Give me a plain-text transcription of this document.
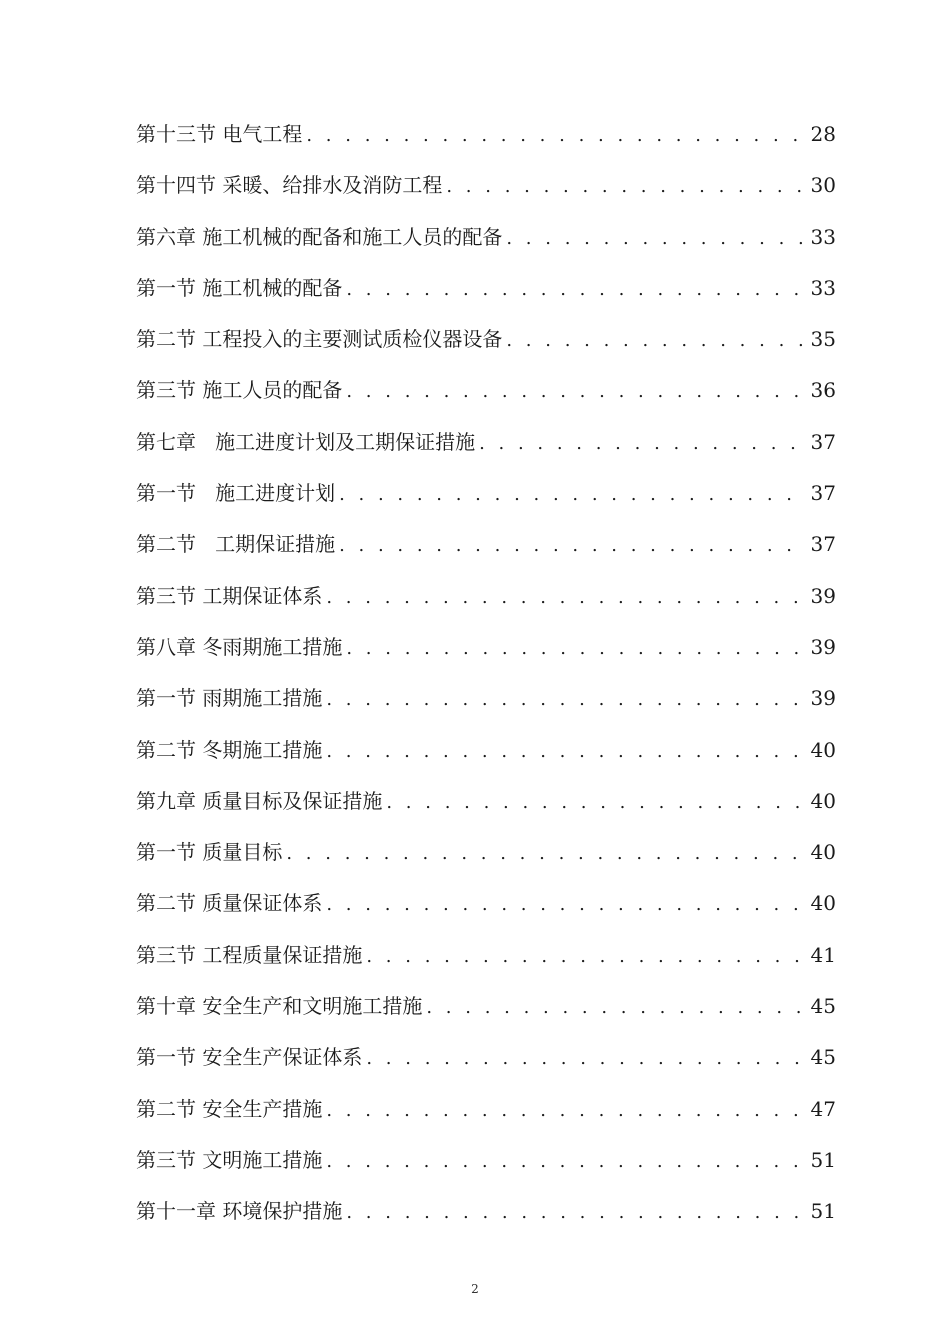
第十三节 电气工程 . . .	28
第十四节 采暖、给排水及消防工程 . . .	30
第六章 施工机械的配备和施工人员的配备 . . .	33
第一节 施工机械的配备 . . .	33
第二节 工程投入的主要测试质检仪器设备 . . .	35
第三节 施工人员的配备 . . .	36
第七章   施工进度计划及工期保证措施 . . .	37
第一节   施工进度计划 . . .	37
第二节   工期保证措施 . . .	37
第三节 工期保证体系 . . .	39
第八章 冬雨期施工措施 . . .	39
第一节 雨期施工措施 . . .	39
第二节 冬期施工措施 . . .	40
第九章 质量目标及保证措施 . . .	40
第一节 质量目标 . . .	40
第二节 质量保证体系 . . .	40
第三节 工程质量保证措施 . . .	41
第十章 安全生产和文明施工措施 . . .	45
第一节 安全生产保证体系 . . .	45
第二节 安全生产措施 . . .	47
第三节 文明施工措施 . . .	51
第十一章 环境保护措施 . . .	51
2
